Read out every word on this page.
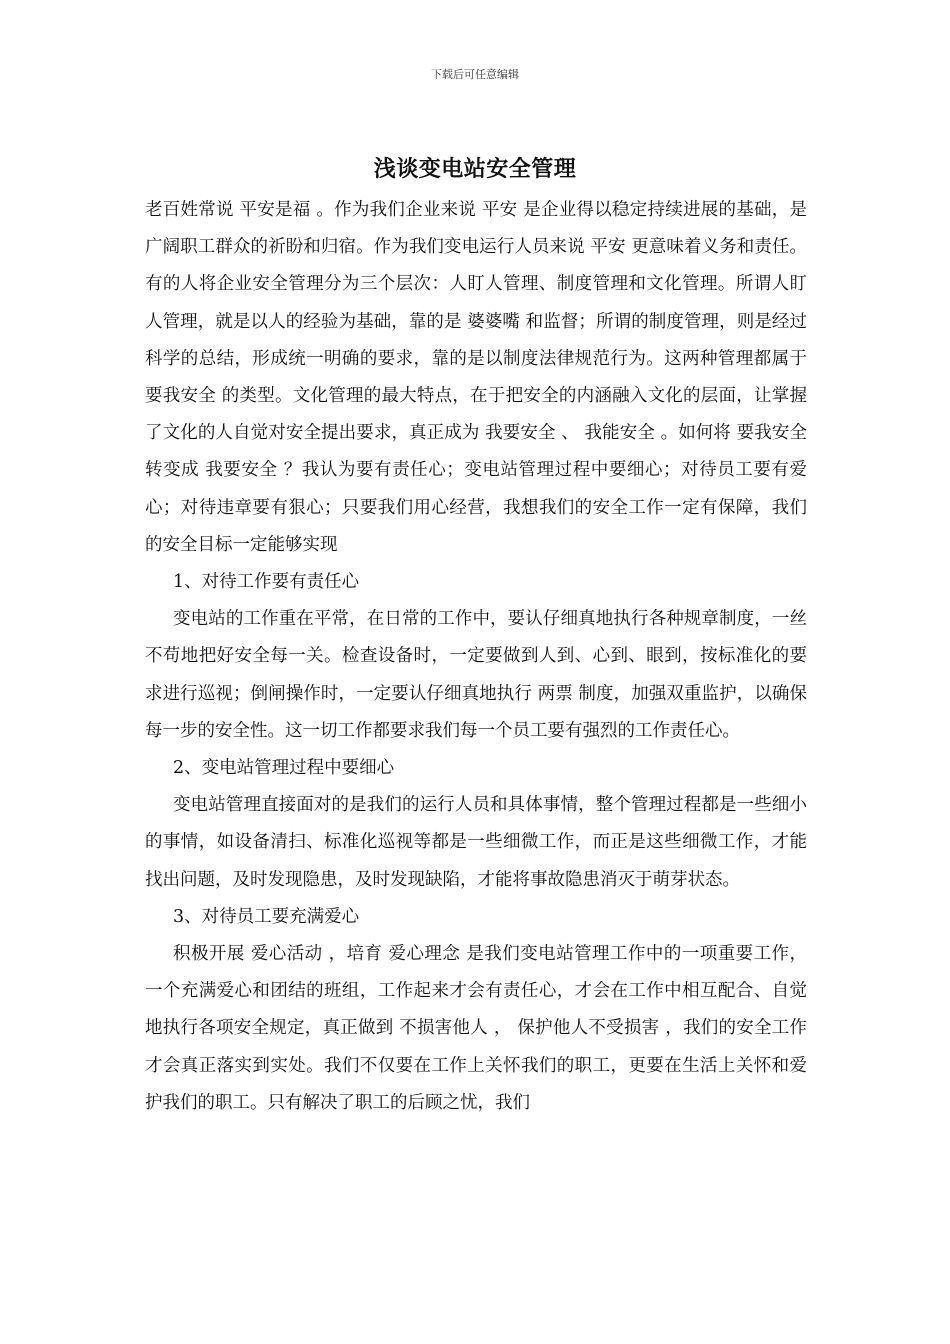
下载后可任意编辑
浅谈变电站安全管理

老百姓常说 平安是福 。作为我们企业来说 平安 是企业得以稳定持续进展的基础，是广阔职工群众的祈盼和归宿。作为我们变电运行人员来说 平安 更意味着义务和责任。有的人将企业安全管理分为三个层次：人盯人管理、制度管理和文化管理。所谓人盯人管理，就是以人的经验为基础，靠的是 婆婆嘴 和监督；所谓的制度管理，则是经过科学的总结，形成统一明确的要求，靠的是以制度法律规范行为。这两种管理都属于 要我安全 的类型。文化管理的最大特点，在于把安全的内涵融入文化的层面，让掌握了文化的人自觉对安全提出要求，真正成为 我要安全 、 我能安全 。如何将 要我安全 转变成 我要安全 ？我认为要有责任心；变电站管理过程中要细心；对待员工要有爱心；对待违章要有狠心；只要我们用心经营，我想我们的安全工作一定有保障，我们的安全目标一定能够实现

1、对待工作要有责任心

变电站的工作重在平常，在日常的工作中，要认仔细真地执行各种规章制度，一丝不苟地把好安全每一关。检查设备时，一定要做到人到、心到、眼到，按标准化的要求进行巡视；倒闸操作时，一定要认仔细真地执行 两票 制度，加强双重监护，以确保每一步的安全性。这一切工作都要求我们每一个员工要有强烈的工作责任心。

2、变电站管理过程中要细心

变电站管理直接面对的是我们的运行人员和具体事情，整个管理过程都是一些细小的事情，如设备清扫、标准化巡视等都是一些细微工作，而正是这些细微工作，才能找出问题，及时发现隐患，及时发现缺陷，才能将事故隐患消灭于萌芽状态。

3、对待员工要充满爱心

积极开展 爱心活动 ，培育 爱心理念 是我们变电站管理工作中的一项重要工作，一个充满爱心和团结的班组，工作起来才会有责任心，才会在工作中相互配合、自觉地执行各项安全规定，真正做到 不损害他人 ， 保护他人不受损害 ，我们的安全工作才会真正落实到实处。我们不仅要在工作上关怀我们的职工，更要在生活上关怀和爱护我们的职工。只有解决了职工的后顾之忧，我们
